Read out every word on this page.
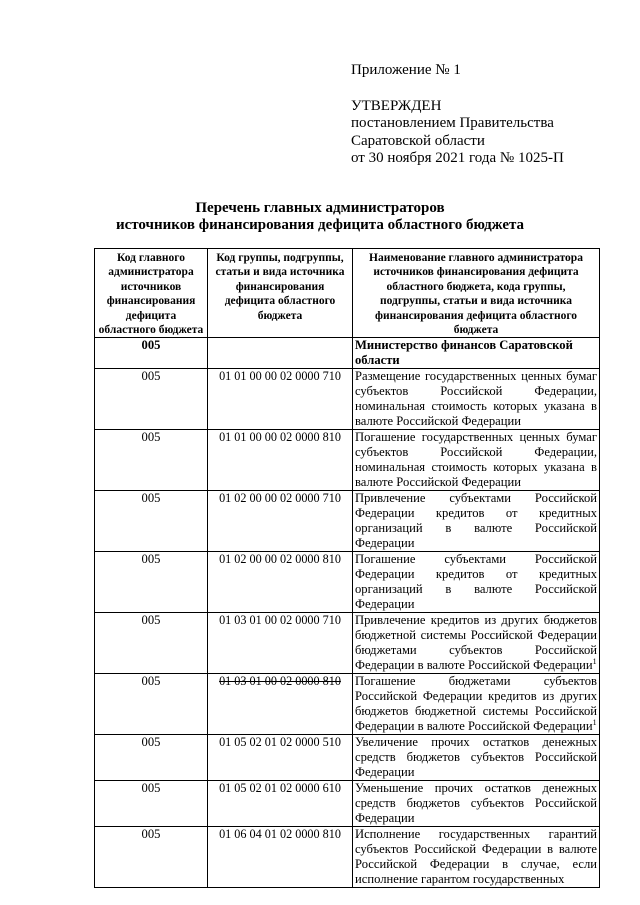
Приложение № 1
УТВЕРЖДЕН
постановлением Правительства
Саратовской области
от 30 ноября 2021 года № 1025-П
Перечень главных администраторов
источников финансирования дефицита областного бюджета
Код главного администратора источников финансирования дефицита областного бюджета	Код группы, подгруппы, статьи и вида источника финансирования дефицита областного бюджета	Наименование главного администратора источников финансирования дефицита областного бюджета, кода группы, подгруппы, статьи и вида источника финансирования дефицита областного бюджета
005		Министерство финансов Саратовской области
005	01 01 00 00 02 0000 710	Размещение государственных ценных бумаг субъектов Российской Федерации, номинальная стоимость которых указана в валюте Российской Федерации
005	01 01 00 00 02 0000 810	Погашение государственных ценных бумаг субъектов Российской Федерации, номинальная стоимость которых указана в валюте Российской Федерации
005	01 02 00 00 02 0000 710	Привлечение субъектами Российской Федерации кредитов от кредитных организаций в валюте Российской Федерации
005	01 02 00 00 02 0000 810	Погашение субъектами Российской Федерации кредитов от кредитных организаций в валюте Российской Федерации
005	01 03 01 00 02 0000 710	Привлечение кредитов из других бюджетов бюджетной системы Российской Федерации бюджетами субъектов Российской Федерации в валюте Российской Федерации$^1$
005	01 03 01 00 02 0000 810	Погашение бюджетами субъектов Российской Федерации кредитов из других бюджетов бюджетной системы Российской Федерации в валюте Российской Федерации$^1$
005	01 05 02 01 02 0000 510	Увеличение прочих остатков денежных средств бюджетов субъектов Российской Федерации
005	01 05 02 01 02 0000 610	Уменьшение прочих остатков денежных средств бюджетов субъектов Российской Федерации
005	01 06 04 01 02 0000 810	Исполнение государственных гарантий субъектов Российской Федерации в валюте Российской Федерации в случае, если исполнение гарантом государственных
